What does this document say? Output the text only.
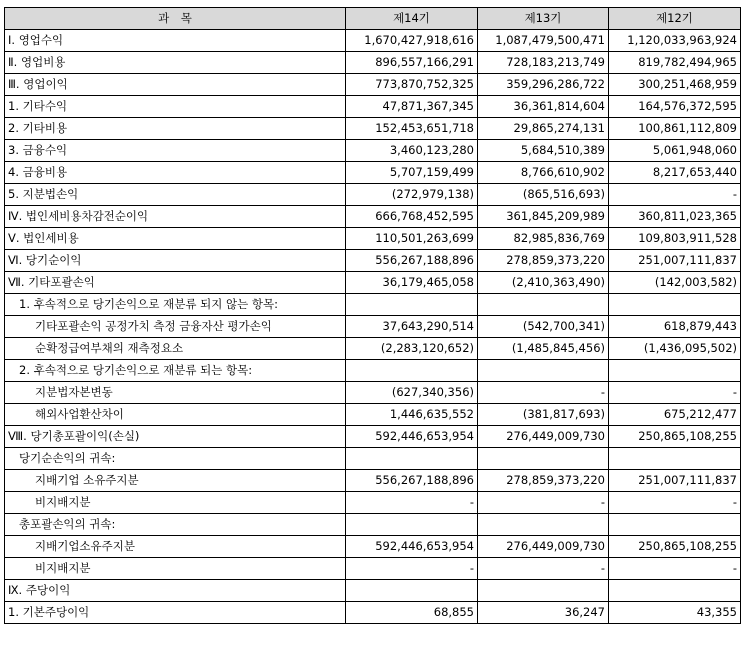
과　목	제14기	제13기	제12기
Ⅰ. 영업수익	1,670,427,918,616	1,087,479,500,471	1,120,033,963,924
Ⅱ. 영업비용	896,557,166,291	728,183,213,749	819,782,494,965
Ⅲ. 영업이익	773,870,752,325	359,296,286,722	300,251,468,959
1. 기타수익	47,871,367,345	36,361,814,604	164,576,372,595
2. 기타비용	152,453,651,718	29,865,274,131	100,861,112,809
3. 금융수익	3,460,123,280	5,684,510,389	5,061,948,060
4. 금융비용	5,707,159,499	8,766,610,902	8,217,653,440
5. 지분법손익	(272,979,138)	(865,516,693)	-
Ⅳ. 법인세비용차감전순이익	666,768,452,595	361,845,209,989	360,811,023,365
Ⅴ. 법인세비용	110,501,263,699	82,985,836,769	109,803,911,528
Ⅵ. 당기순이익	556,267,188,896	278,859,373,220	251,007,111,837
Ⅶ. 기타포괄손익	36,179,465,058	(2,410,363,490)	(142,003,582)
1. 후속적으로 당기손익으로 재분류 되지 않는 항목:			
기타포괄손익 공정가치 측정 금융자산 평가손익	37,643,290,514	(542,700,341)	618,879,443
순확정급여부채의 재측정요소	(2,283,120,652)	(1,485,845,456)	(1,436,095,502)
2. 후속적으로 당기손익으로 재분류 되는 항목:			
지분법자본변동	(627,340,356)	-	-
해외사업환산차이	1,446,635,552	(381,817,693)	675,212,477
Ⅷ. 당기총포괄이익(손실)	592,446,653,954	276,449,009,730	250,865,108,255
당기순손익의 귀속:			
지배기업 소유주지분	556,267,188,896	278,859,373,220	251,007,111,837
비지배지분	-	-	-
총포괄손익의 귀속:			
지배기업소유주지분	592,446,653,954	276,449,009,730	250,865,108,255
비지배지분	-	-	-
Ⅸ. 주당이익			
1. 기본주당이익	68,855	36,247	43,355
